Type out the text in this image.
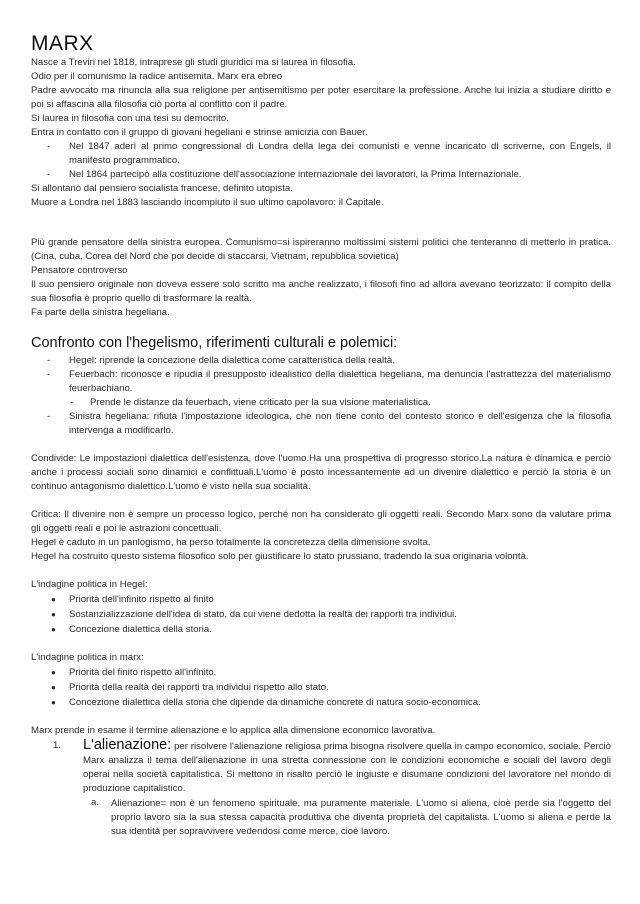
MARX

Nasce a Treviri nel 1818, intraprese gli studi giuridici ma si laurea in filosofia.

Odio per il comunismo la radice antisemita. Marx era ebreo

Padre avvocato ma rinuncia alla sua religione per antisemitismo per poter esercitare la professione. Anche lui inizia a studiare diritto e poi si affascina alla filosofia ciò porta al conflitto con il padre.

Si laurea in filosofia con una tesi su democrito.

Entra in contatto con il gruppo di giovani hegeliani e strinse amicizia con Bauer.

- Nel 1847 aderì al primo congressional di Londra della lega dei comunisti e venne incaricato di scriverne, con Engels, il manifesto programmatico.
- Nel 1864 partecipò alla costituzione dell'associazione internazionale dei lavoratori, la Prima Internazionale.

Si allontanò dal pensiero socialista francese, definito utopista.

Muore a Londra nel 1883 lasciando incompiuto il suo ultimo capolavoro: il Capitale.

Più grande pensatore della sinistra europea. Comunismo=si ispireranno moltissimi sistemi politici che tenteranno di metterlo in pratica. (Cina, cuba, Corea del Nord che poi decide di staccarsi, Vietnam, repubblica sovietica)

Pensatore controverso

Il suo pensiero originale non doveva essere solo scritto ma anche realizzato, i filosofi fino ad allora avevano teorizzato: il compito della sua filosofia è proprio quello di trasformare la realtà.

Fa parte della sinistra hegeliana.

Confronto con l'hegelismo, riferimenti culturali e polemici:
- Hegel: riprende la concezione della dialettica come caratteristica della realtà.
- Feuerbach: riconosce e ripudia il presupposto idealistico della dialettica hegeliana, ma denuncia l'astrattezza del materialismo feuerbachiano.
- Prende le distanze da feuerbach, viene criticato per la sua visione materialistica.
- Sinistra hegeliana: rifiuta l'impostazione ideologica, che non tiene conto del contesto storico e dell'esigenza che la filosofia intervenga a modificarlo.

Condivide: Le impostazioni dialettica dell'esistenza, dove l'uomo.Ha una prospettiva di progresso storico.La natura è dinamica e perciò anche i processi sociali sono dinamici e conflittuali.L'uomo è posto incessantemente ad un divenire dialettico e perciò la storia è un continuo antagonismo dialettico.L'uomo è visto nella sua socialità.

Critica: Il divenire non è sempre un processo logico, perché non ha considerato gli oggetti reali. Secondo Marx sono da valutare prima gli oggetti reali e poi le astrazioni concettuali.

Hegel è caduto in un panlogismo, ha perso totalmente la concretezza della dimensione svolta.

Hegel ha costruito questo sistema filosofico solo per giustificare lo stato prussiano, tradendo la sua originaria volontà.

L'indagine politica in Hegel:

● Priorità dell'infinito rispetto al finito
● Sostanzializzazione dell'idea di stato, da cui viene dedotta la realtà dei rapporti tra individui.
● Concezione dialettica della storia.

L'indagine politica in marx:

● Priorità del finito rispetto all'infinito.
● Priorità della realtà dei rapporti tra individui rispetto allo stato.
● Concezione dialettica della storia che dipende da dinamiche concrete di natura socio-economica.

Marx prende in esame il termine alienazione e lo applica alla dimensione economico lavorativa.

1. L'alienazione: per risolvere l'alienazione religiosa prima bisogna risolvere quella in campo economico, sociale. Perciò Marx analizza il tema dell'alienazione in una stretta connessione con le condizioni economiche e sociali del lavoro degli operai nella società capitalistica. Si mettono in risalto perciò le ingiuste e disumane condizioni del lavoratore nel mondo di produzione capitalistico.
a. Alienazione= non è un fenomeno spirituale, ma puramente materiale. L'uomo si aliena, cioè perde sia l'oggetto del proprio lavoro sia la sua stessa capacità produttiva che diventa proprietà del capitalista. L'uomo si aliena e perde la sua identità per sopravvivere vedendosi come merce, cioè lavoro.
